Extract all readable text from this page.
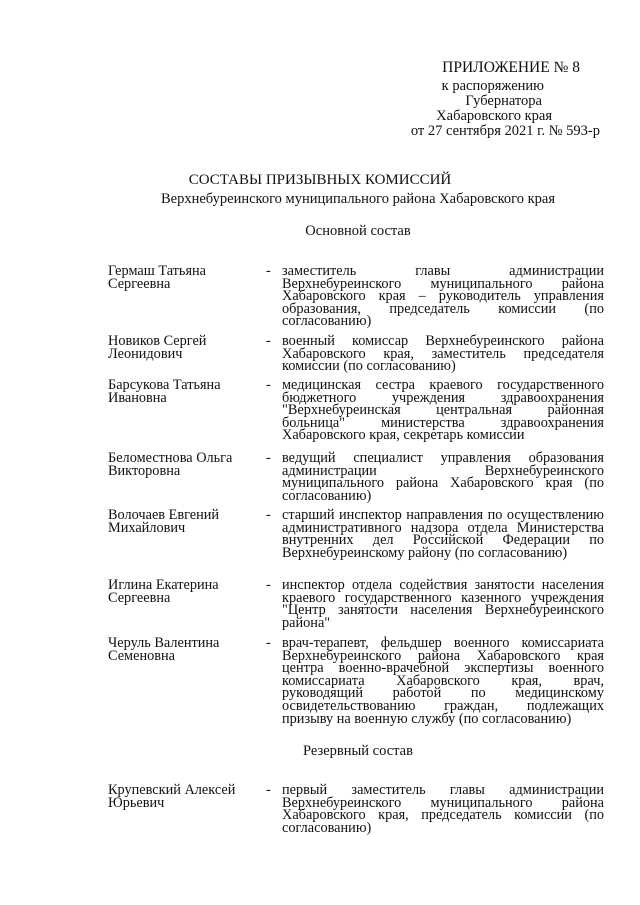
ПРИЛОЖЕНИЕ № 8
к распоряжению
Губернатора
Хабаровского края
от 27 сентября 2021 г. № 593-р
СОСТАВЫ ПРИЗЫВНЫХ КОМИССИЙ
Верхнебуреинского муниципального района Хабаровского края
Основной состав
Гермаш Татьяна Сергеевна
- заместитель главы администрации Верхнебуреинского муниципального района Хабаровского края – руководитель управления образования, председатель комиссии (по согласованию)
Новиков Сергей Леонидович
- военный комиссар Верхнебуреинского района Хабаровского края, заместитель председателя комиссии (по согласованию)
Барсукова Татьяна Ивановна
- медицинская сестра краевого государственного бюджетного учреждения здравоохранения "Верхнебуреинская центральная районная больница" министерства здравоохранения Хабаровского края, секретарь комиссии
Беломестнова Ольга Викторовна
- ведущий специалист управления образования администрации Верхнебуреинского муниципального района Хабаровского края (по согласованию)
Волочаев Евгений Михайлович
- старший инспектор направления по осуществлению административного надзора отдела Министерства внутренних дел Российской Федерации по Верхнебуреинскому району (по согласованию)
Иглина Екатерина Сергеевна
- инспектор отдела содействия занятости населения краевого государственного казенного учреждения "Центр занятости населения Верхнебуреинского района"
Черуль Валентина Семеновна
- врач-терапевт, фельдшер военного комиссариата Верхнебуреинского района Хабаровского края центра военно-врачебной экспертизы военного комиссариата Хабаровского края, врач, руководящий работой по медицинскому освидетельствованию граждан, подлежащих призыву на военную службу (по согласованию)
Резервный состав
Крупевский Алексей Юрьевич
- первый заместитель главы администрации Верхнебуреинского муниципального района Хабаровского края, председатель комиссии (по согласованию)
